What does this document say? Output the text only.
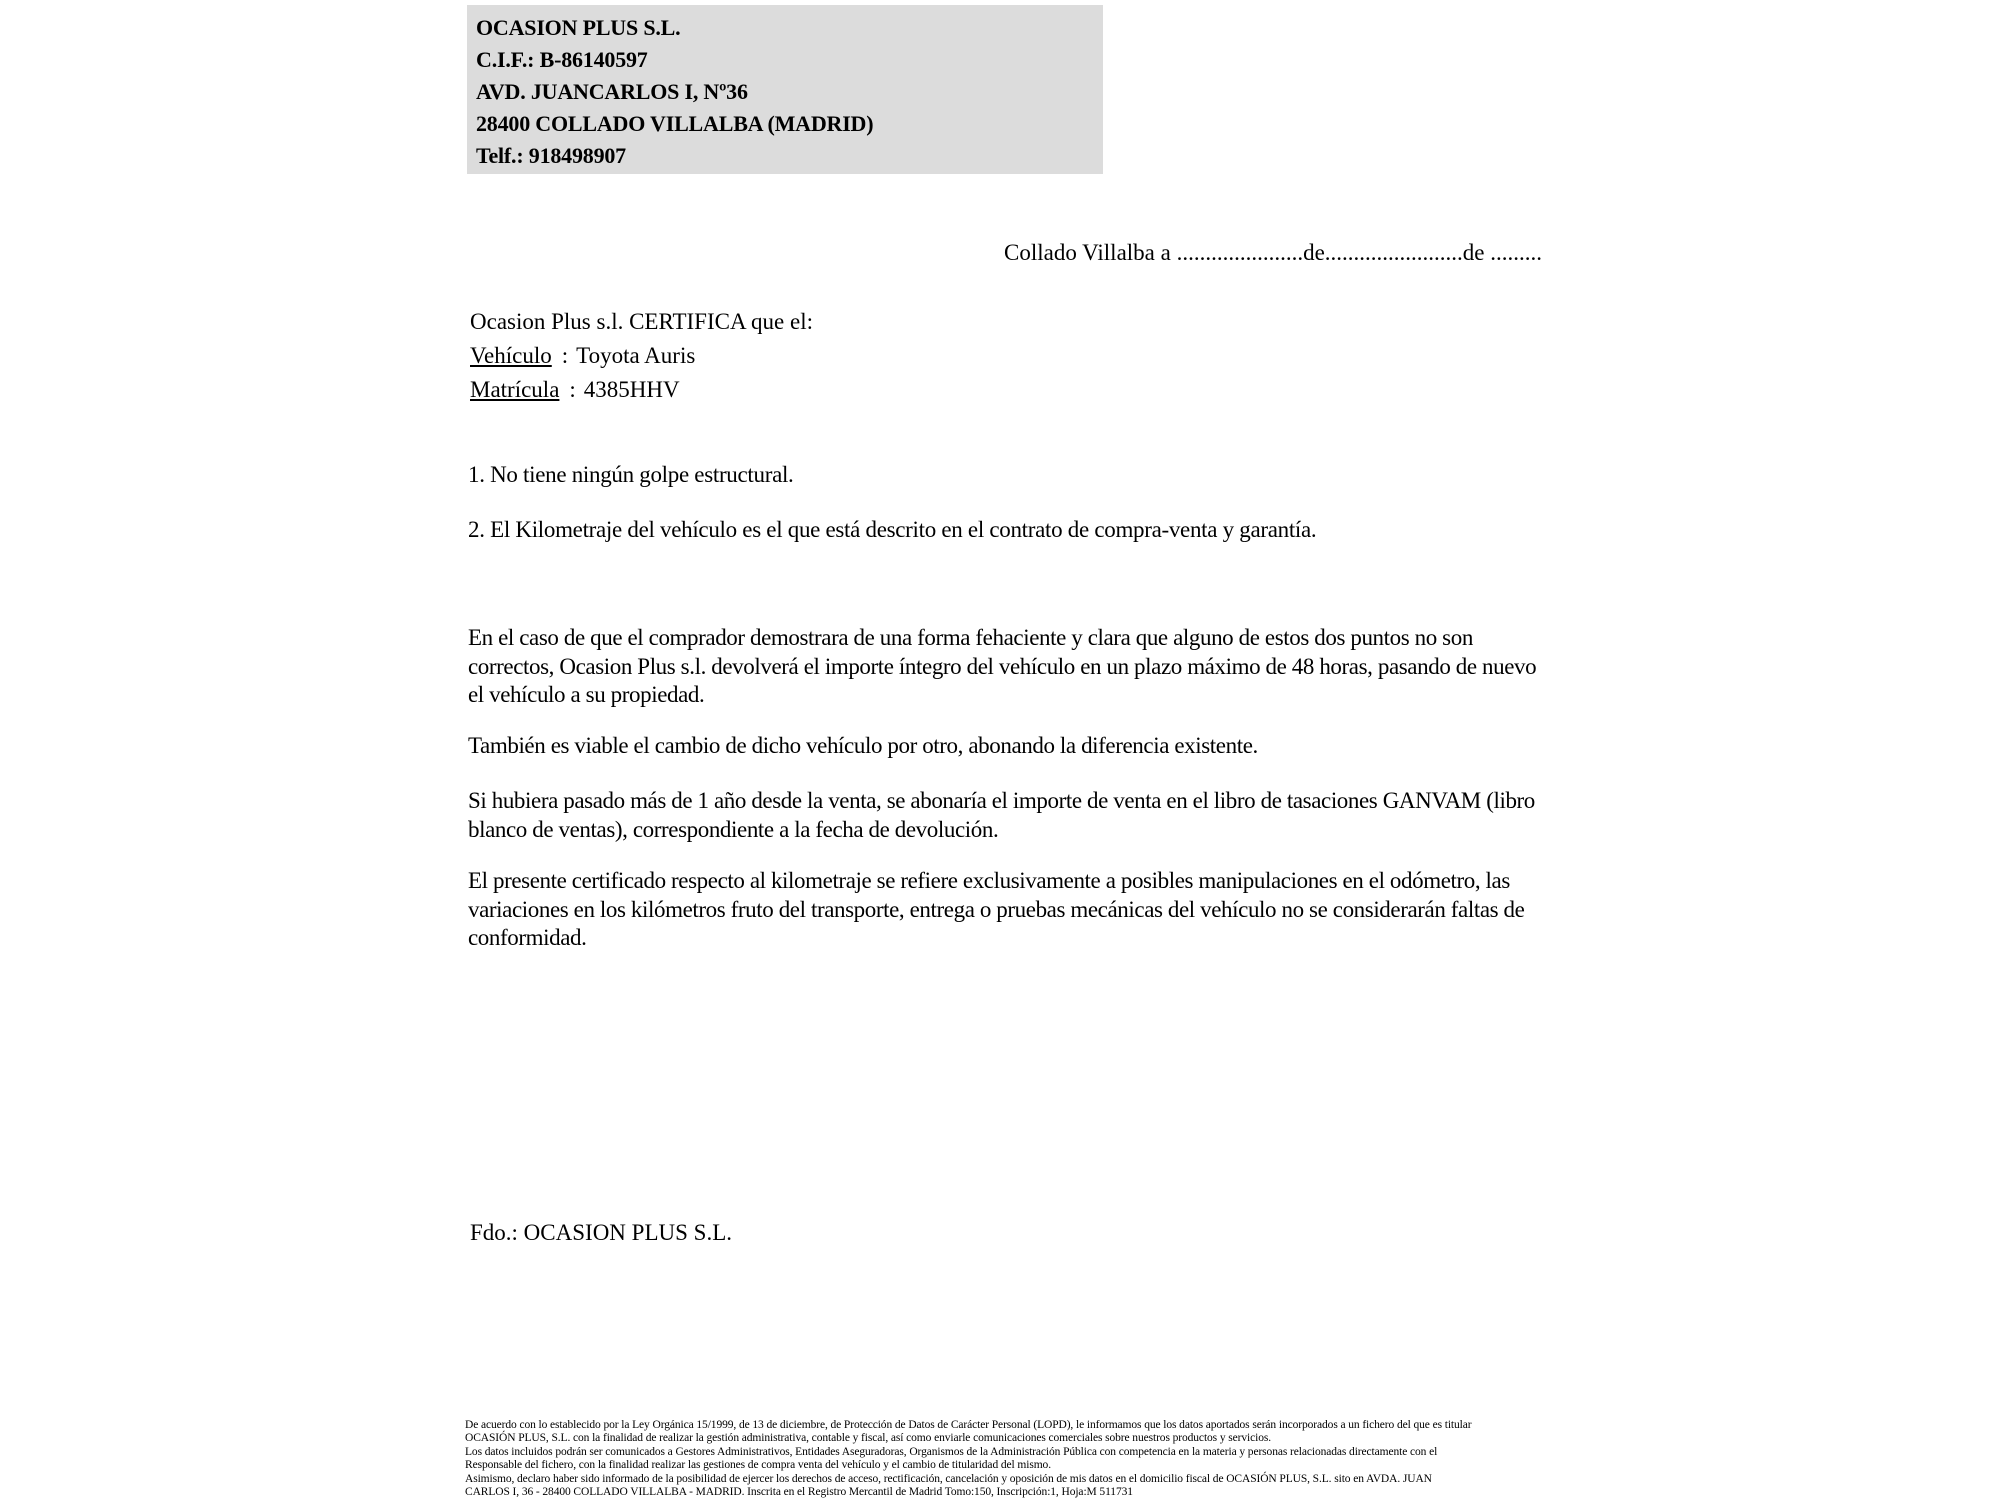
OCASION PLUS S.L.
C.I.F.: B-86140597
AVD. JUANCARLOS I, Nº36
28400 COLLADO VILLALBA (MADRID)
Telf.: 918498907
Collado Villalba a ......................de........................de .........
Ocasion Plus s.l. CERTIFICA que el:
Vehículo : Toyota Auris
Matrícula : 4385HHV
1. No tiene ningún golpe estructural.
2. El Kilometraje del vehículo es el que está descrito en el contrato de compra-venta y garantía.
En el caso de que el comprador demostrara de una forma fehaciente y clara que alguno de estos dos puntos no son correctos, Ocasion Plus s.l. devolverá el importe íntegro del vehículo en un plazo máximo de 48 horas, pasando de nuevo el vehículo a su propiedad.
También es viable el cambio de dicho vehículo por otro, abonando la diferencia existente.
Si hubiera pasado más de 1 año desde la venta, se abonaría el importe de venta en el libro de tasaciones GANVAM (libro blanco de ventas), correspondiente a la fecha de devolución.
El presente certificado respecto al kilometraje se refiere exclusivamente a posibles manipulaciones en el odómetro, las variaciones en los kilómetros fruto del transporte, entrega o pruebas mecánicas del vehículo no se considerarán faltas de conformidad.
Fdo.: OCASION PLUS S.L.
De acuerdo con lo establecido por la Ley Orgánica 15/1999, de 13 de diciembre, de Protección de Datos de Carácter Personal (LOPD), le informamos que los datos aportados serán incorporados a un fichero del que es titular
OCASIÓN PLUS, S.L. con la finalidad de realizar la gestión administrativa, contable y fiscal, así como enviarle comunicaciones comerciales sobre nuestros productos y servicios.
Los datos incluidos podrán ser comunicados a Gestores Administrativos, Entidades Aseguradoras, Organismos de la Administración Pública con competencia en la materia y personas relacionadas directamente con el
Responsable del fichero, con la finalidad realizar las gestiones de compra venta del vehículo y el cambio de titularidad del mismo.
Asimismo, declaro haber sido informado de la posibilidad de ejercer los derechos de acceso, rectificación, cancelación y oposición de mis datos en el domicilio fiscal de OCASIÓN PLUS, S.L. sito en AVDA. JUAN
CARLOS I, 36 - 28400 COLLADO VILLALBA - MADRID. Inscrita en el Registro Mercantil de Madrid Tomo:150, Inscripción:1, Hoja:M 511731
